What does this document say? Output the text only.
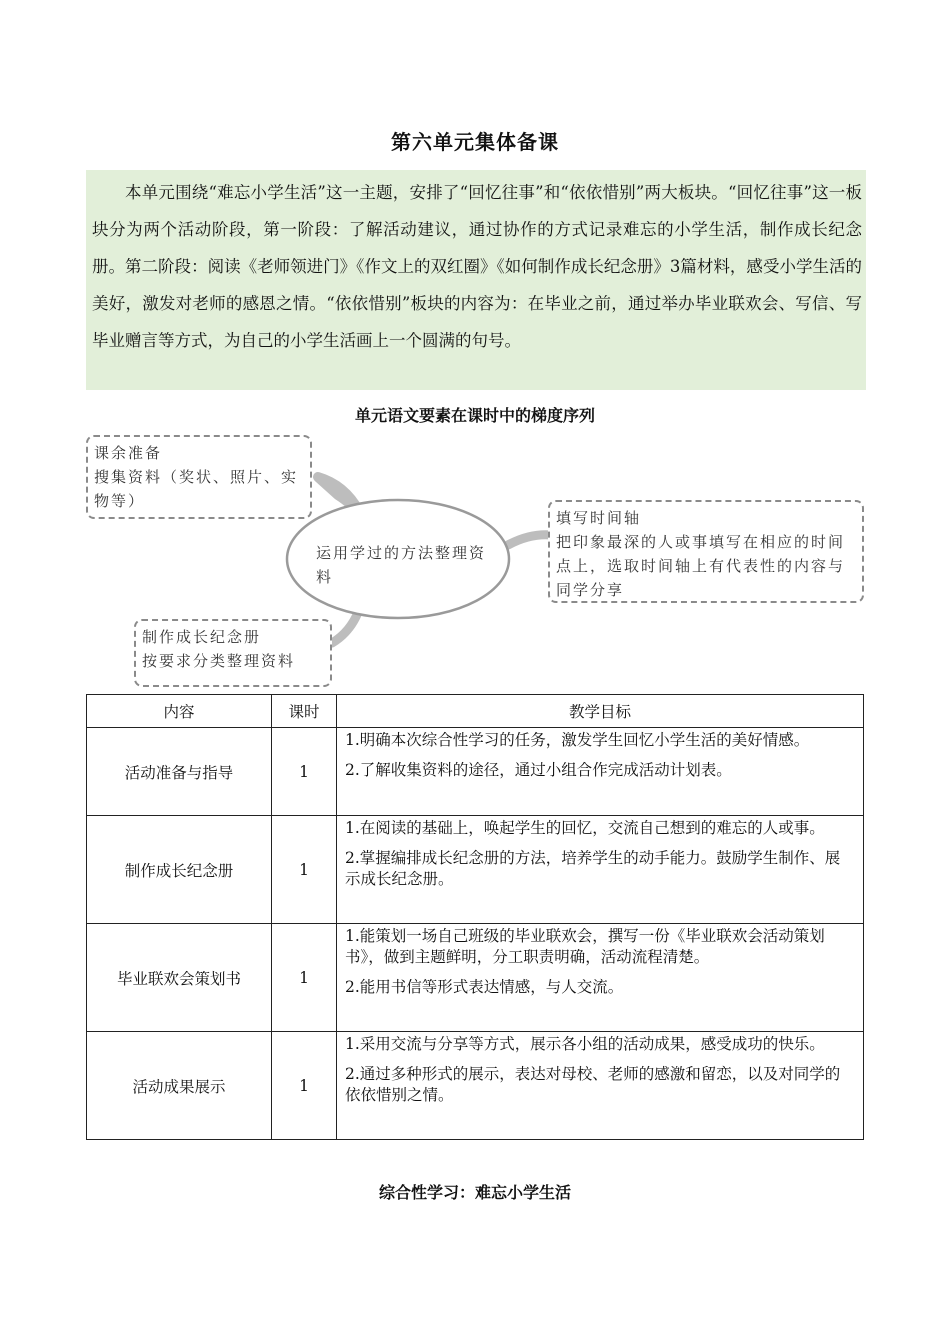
第六单元集体备课

本单元围绕“难忘小学生活”这一主题，安排了“回忆往事”和“依依惜别”两大板块。“回忆往事”这一板块分为两个活动阶段，第一阶段：了解活动建议，通过协作的方式记录难忘的小学生活，制作成长纪念册。第二阶段：阅读《老师领进门》《作文上的双红圈》《如何制作成长纪念册》3篇材料，感受小学生活的美好，激发对老师的感恩之情。“依依惜别”板块的内容为：在毕业之前，通过举办毕业联欢会、写信、写毕业赠言等方式，为自己的小学生活画上一个圆满的句号。

单元语文要素在课时中的梯度序列
运用学过的方法整理资料
课余准备
搜集资料（奖状、照片、实物等）
填写时间轴
把印象最深的人或事填写在相应的时间点上，选取时间轴上有代表性的内容与同学分享
制作成长纪念册
按要求分类整理资料
内容	课时	教学目标
活动准备与指导	1	1.明确本次综合性学习的任务，激发学生回忆小学生活的美好情感。
2.了解收集资料的途径，通过小组合作完成活动计划表。

制作成长纪念册	1	1.在阅读的基础上，唤起学生的回忆，交流自己想到的难忘的人或事。
2.掌握编排成长纪念册的方法，培养学生的动手能力。鼓励学生制作、展示成长纪念册。

毕业联欢会策划书	1	1.能策划一场自己班级的毕业联欢会，撰写一份《毕业联欢会活动策划书》，做到主题鲜明，分工职责明确，活动流程清楚。
2.能用书信等形式表达情感，与人交流。

活动成果展示	1	1.采用交流与分享等方式，展示各小组的活动成果，感受成功的快乐。
2.通过多种形式的展示，表达对母校、老师的感激和留恋，以及对同学的依依惜别之情。
综合性学习：难忘小学生活
